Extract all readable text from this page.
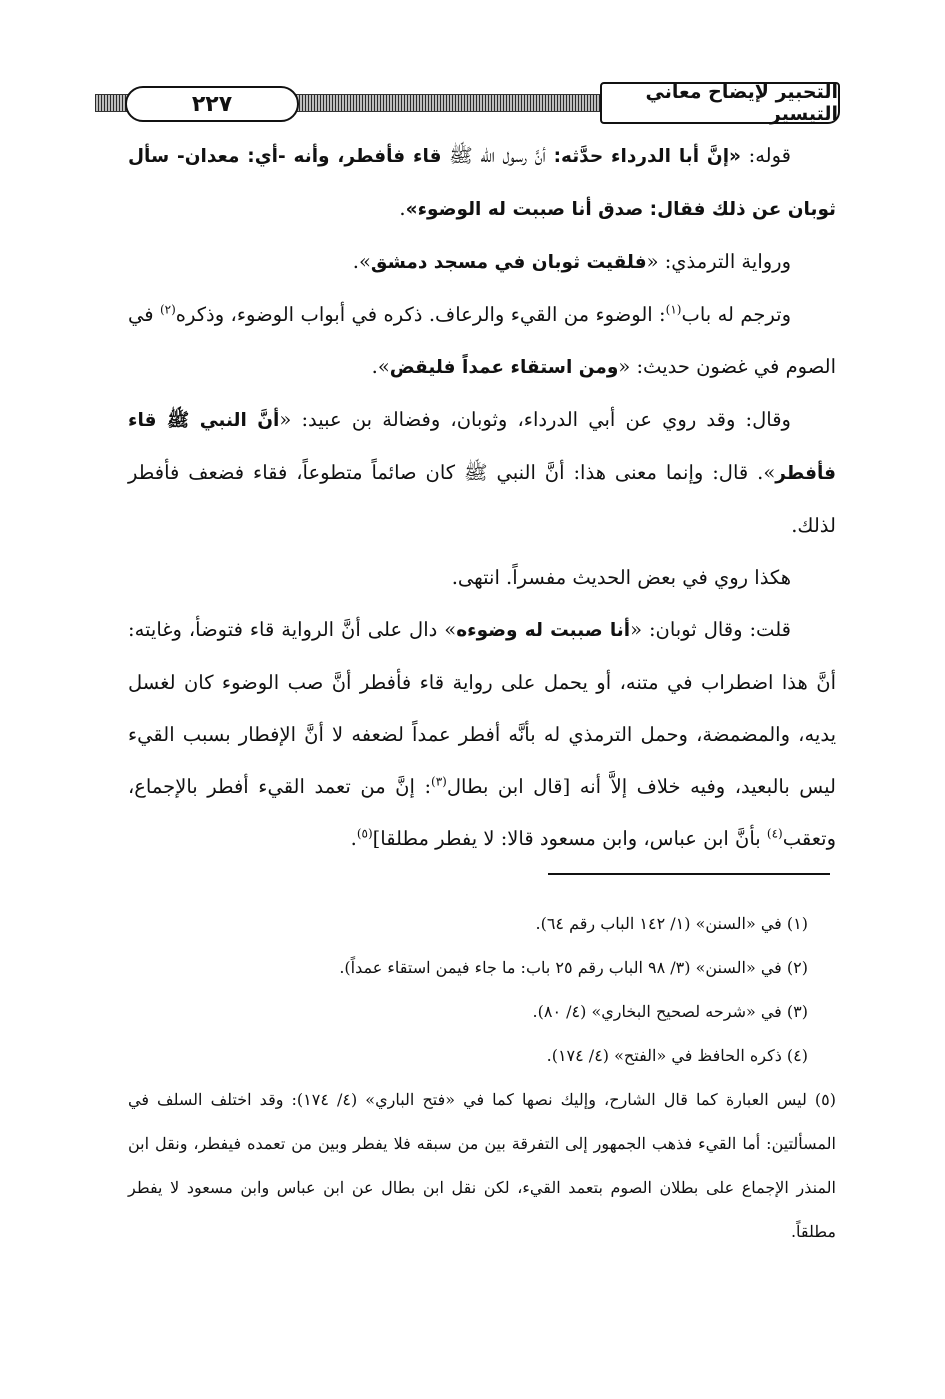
٢٢٧	التحبير لإيضاح معاني التيسير

قوله: «إنَّ أبا الدرداء حدَّثه: أنَّ رسول الله ﷺ قاء فأفطر، وأنه -أي: معدان- سأل ثوبان عن ذلك فقال: صدق أنا صببت له الوضوء».

ورواية الترمذي: «فلقيت ثوبان في مسجد دمشق».

وترجم له باب$^{(١)}$: الوضوء من القيء والرعاف. ذكره في أبواب الوضوء، وذكره$^{(٢)}$ في الصوم في غضون حديث: «ومن استقاء عمداً فليقض».

وقال: وقد روي عن أبي الدرداء، وثوبان، وفضالة بن عبيد: «أنَّ النبي ﷺ قاء فأفطر». قال: وإنما معنى هذا: أنَّ النبي ﷺ كان صائماً متطوعاً، فقاء فضعف فأفطر لذلك.

هكذا روي في بعض الحديث مفسراً. انتهى.

قلت: وقال ثوبان: «أنا صببت له وضوءه» دال على أنَّ الرواية قاء فتوضأ، وغايته: أنَّ هذا اضطراب في متنه، أو يحمل على رواية قاء فأفطر أنَّ صب الوضوء كان لغسل يديه، والمضمضة، وحمل الترمذي له بأنَّه أفطر عمداً لضعفه لا أنَّ الإفطار بسبب القيء ليس بالبعيد، وفيه خلاف إلاَّ أنه [قال ابن بطال$^{(٣)}$: إنَّ من تعمد القيء أفطر بالإجماع، وتعقب$^{(٤)}$ بأنَّ ابن عباس، وابن مسعود قالا: لا يفطر مطلقا]$^{(٥)}$.

(١) في «السنن» (١/ ١٤٢ الباب رقم ٦٤).

(٢) في «السنن» (٣/ ٩٨ الباب رقم ٢٥ باب: ما جاء فيمن استقاء عمداً).

(٣) في «شرحه لصحيح البخاري» (٤/ ٨٠).

(٤) ذكره الحافظ في «الفتح» (٤/ ١٧٤).

(٥) ليس العبارة كما قال الشارح، وإليك نصها كما في «فتح الباري» (٤/ ١٧٤): وقد اختلف السلف في المسألتين: أما القيء فذهب الجمهور إلى التفرقة بين من سبقه فلا يفطر وبين من تعمده فيفطر، ونقل ابن المنذر الإجماع على بطلان الصوم بتعمد القيء، لكن نقل ابن بطال عن ابن عباس وابن مسعود لا يفطر مطلقاً.
